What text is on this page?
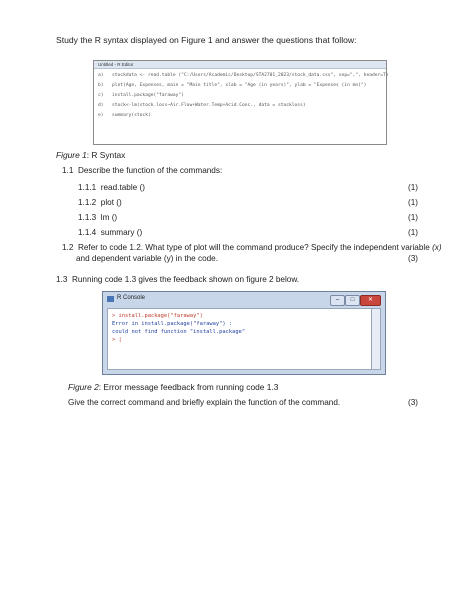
Study the R syntax displayed on Figure 1 and answer the questions that follow:
Untitled - R Editor
a) stockdata <- read.table ("C:/Users/Academic/Desktop/STA2701_2023/stock_data.csv", sep=",", header=T)
b) plot(Age, Expenses, main = "Main title", xlab = "Age (in years)", ylab = "Expenses (in mn)")
c) install.package("faraway")
d) stock<-lm(stock.loss~Air.Flow+Water.Temp+Acid.Conc., data = stockloss)
e) summary(stock)
Figure 1: R Syntax
1.1 Describe the function of the commands:
1.1.1 read.table ()	(1)
1.1.2 plot ()	(1)
1.1.3 lm ()	(1)
1.1.4 summary ()	(1)
1.2 Refer to code 1.2. What type of plot will the command produce? Specify the independent variable (x)
and dependent variable (y) in the code.	(3)
1.3 Running code 1.3 gives the feedback shown on figure 2 below.
R Console	–	□	✕
> install.package("faraway")
Error in install.package("faraway") :
could not find function "install.package"
> |
Figure 2: Error message feedback from running code 1.3
Give the correct command and briefly explain the function of the command.	(3)
